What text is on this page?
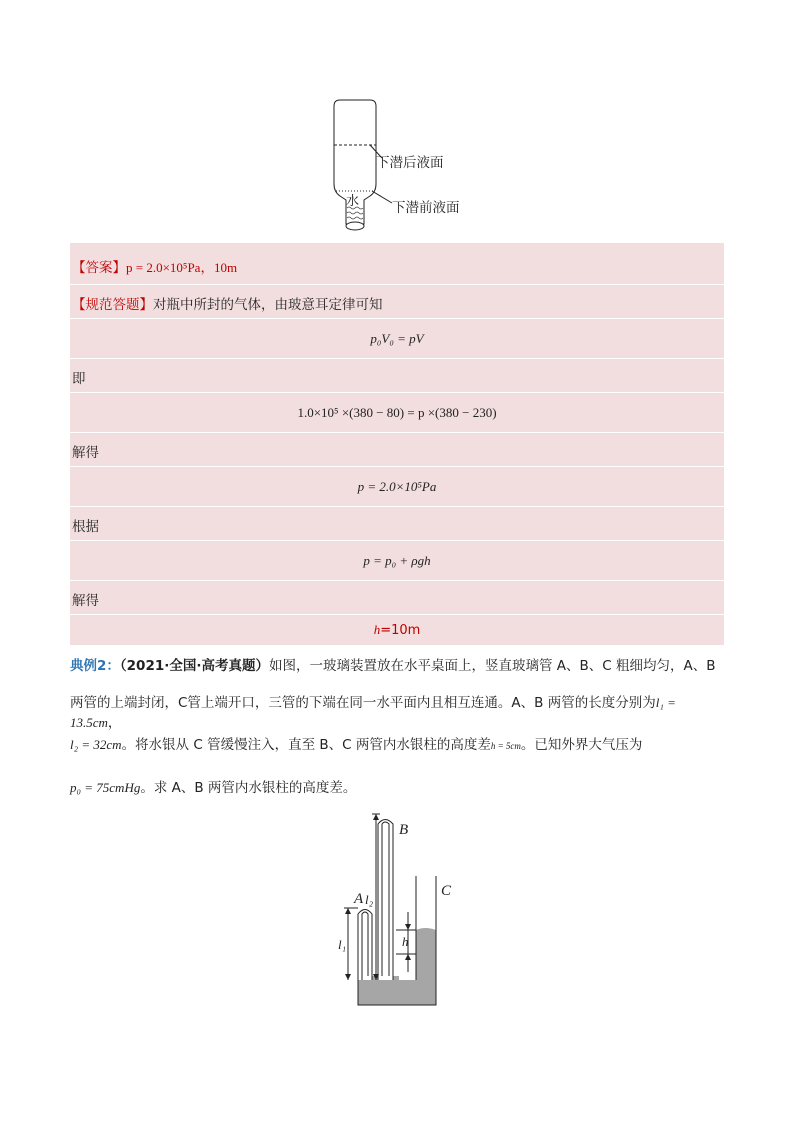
水
下潜后液面
下潜前液面
【答案】p = 2.0×10⁵Pa，10m
【规范答题】对瓶中所封的气体，由玻意耳定律可知
p₀V₀ = pV
即
1.0×10⁵ ×(380 − 80) = p ×(380 − 230)
解得
p = 2.0×10⁵Pa
根据
p = p₀ + ρgh
解得
h=10m
典例2：（2021·全国·高考真题）如图，一玻璃装置放在水平桌面上，竖直玻璃管 A、B、C 粗细均匀，A、B
两管的上端封闭，C管上端开口，三管的下端在同一水平面内且相互连通。A、B 两管的长度分别为l₁ = 13.5cm，
l₂ = 32cm。将水银从 C 管缓慢注入，直至 B、C 两管内水银柱的高度差h = 5cm。已知外界大气压为
p₀ = 75cmHg。求 A、B 两管内水银柱的高度差。
A
B
C
l₁
l₂
h
